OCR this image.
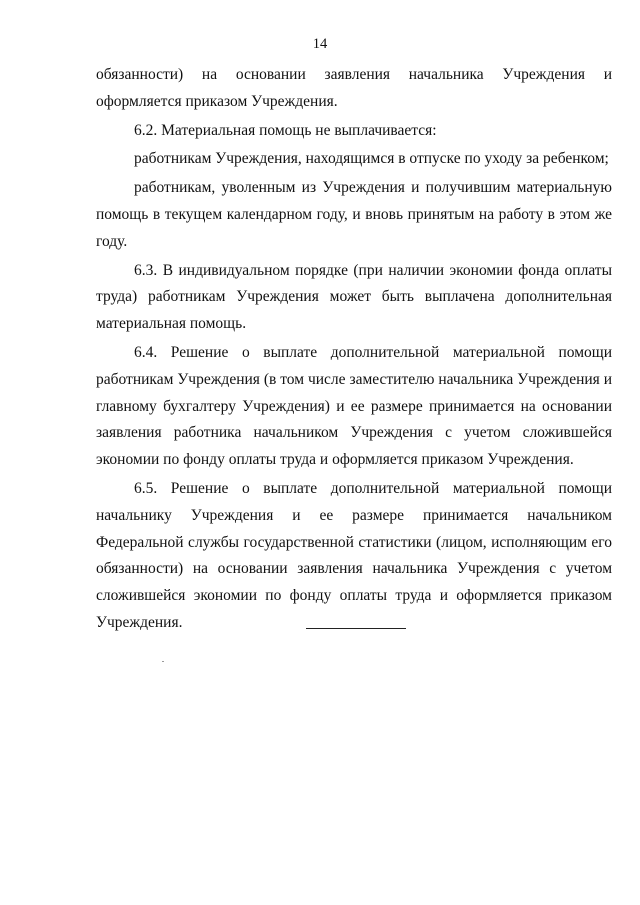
14

обязанности) на основании заявления начальника Учреждения и оформляется приказом Учреждения.

6.2. Материальная помощь не выплачивается:

работникам Учреждения, находящимся в отпуске по уходу за ребенком;

работникам, уволенным из Учреждения и получившим материальную помощь в текущем календарном году, и вновь принятым на работу в этом же году.

6.3. В индивидуальном порядке (при наличии экономии фонда оплаты труда) работникам Учреждения может быть выплачена дополнительная материальная помощь.

6.4. Решение о выплате дополнительной материальной помощи работникам Учреждения (в том числе заместителю начальника Учреждения и главному бухгалтеру Учреждения) и ее размере принимается на основании заявления работника начальником Учреждения с учетом сложившейся экономии по фонду оплаты труда и оформляется приказом Учреждения.

6.5. Решение о выплате дополнительной материальной помощи начальнику Учреждения и ее размере принимается начальником Федеральной службы государственной статистики (лицом, исполняющим его обязанности) на основании заявления начальника Учреждения с учетом сложившейся экономии по фонду оплаты труда и оформляется приказом Учреждения.
